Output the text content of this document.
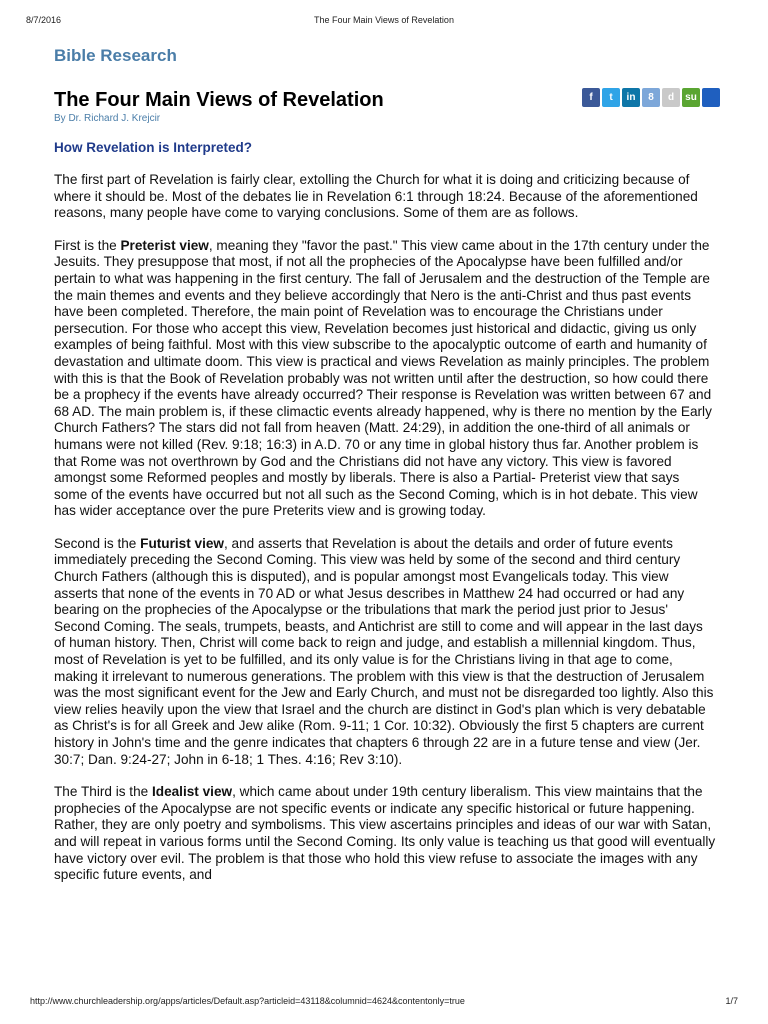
8/7/2016	The Four Main Views of Revelation
Bible Research
The Four Main Views of Revelation	f	t	in	8	d	su
By Dr. Richard J. Krejcir
How Revelation is Interpreted?

The first part of Revelation is fairly clear, extolling the Church for what it is doing and criticizing because of where it should be. Most of the debates lie in Revelation 6:1 through 18:24. Because of the aforementioned reasons, many people have come to varying conclusions. Some of them are as follows.

First is the Preterist view, meaning they "favor the past." This view came about in the 17th century under the Jesuits. They presuppose that most, if not all the prophecies of the Apocalypse have been fulfilled and/or pertain to what was happening in the first century. The fall of Jerusalem and the destruction of the Temple are the main themes and events and they believe accordingly that Nero is the anti-Christ and thus past events have been completed. Therefore, the main point of Revelation was to encourage the Christians under persecution. For those who accept this view, Revelation becomes just historical and didactic, giving us only examples of being faithful. Most with this view subscribe to the apocalyptic outcome of earth and humanity of devastation and ultimate doom. This view is practical and views Revelation as mainly principles. The problem with this is that the Book of Revelation probably was not written until after the destruction, so how could there be a prophecy if the events have already occurred? Their response is Revelation was written between 67 and 68 AD. The main problem is, if these climactic events already happened, why is there no mention by the Early Church Fathers? The stars did not fall from heaven (Matt. 24:29), in addition the one-third of all animals or humans were not killed (Rev. 9:18; 16:3) in A.D. 70 or any time in global history thus far. Another problem is that Rome was not overthrown by God and the Christians did not have any victory. This view is favored amongst some Reformed peoples and mostly by liberals. There is also a Partial- Preterist view that says some of the events have occurred but not all such as the Second Coming, which is in hot debate. This view has wider acceptance over the pure Preterits view and is growing today.

Second is the Futurist view, and asserts that Revelation is about the details and order of future events immediately preceding the Second Coming. This view was held by some of the second and third century Church Fathers (although this is disputed), and is popular amongst most Evangelicals today. This view asserts that none of the events in 70 AD or what Jesus describes in Matthew 24 had occurred or had any bearing on the prophecies of the Apocalypse or the tribulations that mark the period just prior to Jesus' Second Coming. The seals, trumpets, beasts, and Antichrist are still to come and will appear in the last days of human history. Then, Christ will come back to reign and judge, and establish a millennial kingdom. Thus, most of Revelation is yet to be fulfilled, and its only value is for the Christians living in that age to come, making it irrelevant to numerous generations. The problem with this view is that the destruction of Jerusalem was the most significant event for the Jew and Early Church, and must not be disregarded too lightly. Also this view relies heavily upon the view that Israel and the church are distinct in God's plan which is very debatable as Christ's is for all Greek and Jew alike (Rom. 9-11; 1 Cor. 10:32). Obviously the first 5 chapters are current history in John's time and the genre indicates that chapters 6 through 22 are in a future tense and view (Jer. 30:7; Dan. 9:24-27; John in 6-18; 1 Thes. 4:16; Rev 3:10).

The Third is the Idealist view, which came about under 19th century liberalism. This view maintains that the prophecies of the Apocalypse are not specific events or indicate any specific historical or future happening. Rather, they are only poetry and symbolisms. This view ascertains principles and ideas of our war with Satan, and will repeat in various forms until the Second Coming. Its only value is teaching us that good will eventually have victory over evil. The problem is that those who hold this view refuse to associate the images with any specific future events, and

http://www.churchleadership.org/apps/articles/Default.asp?articleid=43118&columnid=4624&contentonly=true	1/7
